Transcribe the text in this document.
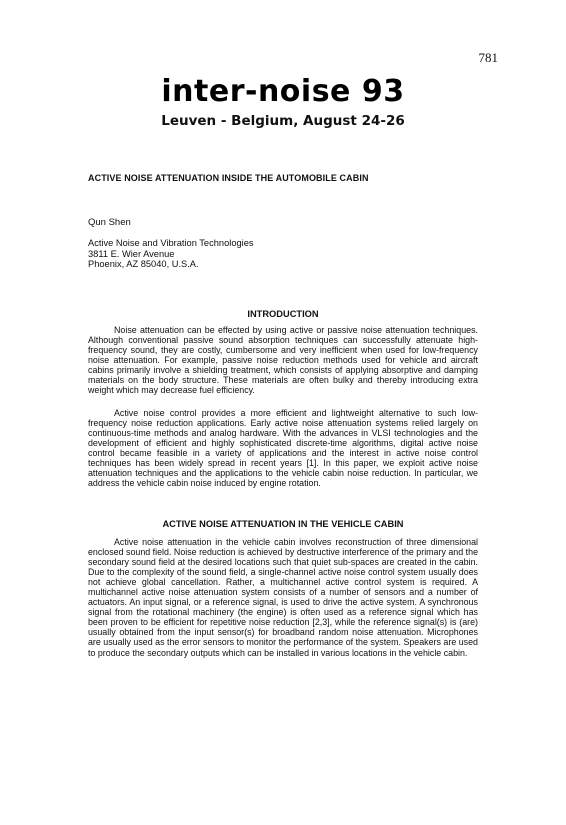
781
inter-noise 93
Leuven - Belgium, August 24-26
ACTIVE NOISE ATTENUATION INSIDE THE AUTOMOBILE CABIN
Qun Shen
Active Noise and Vibration Technologies
3811 E. Wier Avenue
Phoenix, AZ 85040, U.S.A.
INTRODUCTION

Noise attenuation can be effected by using active or passive noise attenuation techniques. Although conventional passive sound absorption techniques can successfully attenuate high-frequency sound, they are costly, cumbersome and very inefficient when used for low-frequency noise attenuation. For example, passive noise reduction methods used for vehicle and aircraft cabins primarily involve a shielding treatment, which consists of applying absorptive and damping materials on the body structure. These materials are often bulky and thereby introducing extra weight which may decrease fuel efficiency.

Active noise control provides a more efficient and lightweight alternative to such low-frequency noise reduction applications. Early active noise attenuation systems relied largely on continuous-time methods and analog hardware. With the advances in VLSI technologies and the development of efficient and highly sophisticated discrete-time algorithms, digital active noise control became feasible in a variety of applications and the interest in active noise control techniques has been widely spread in recent years [1]. In this paper, we exploit active noise attenuation techniques and the applications to the vehicle cabin noise reduction. In particular, we address the vehicle cabin noise induced by engine rotation.

ACTIVE NOISE ATTENUATION IN THE VEHICLE CABIN

Active noise attenuation in the vehicle cabin involves reconstruction of three dimensional enclosed sound field. Noise reduction is achieved by destructive interference of the primary and the secondary sound field at the desired locations such that quiet sub-spaces are created in the cabin. Due to the complexity of the sound field, a single-channel active noise control system usually does not achieve global cancellation. Rather, a multichannel active control system is required. A multichannel active noise attenuation system consists of a number of sensors and a number of actuators. An input signal, or a reference signal, is used to drive the active system. A synchronous signal from the rotational machinery (the engine) is often used as a reference signal which has been proven to be efficient for repetitive noise reduction [2,3], while the reference signal(s) is (are) usually obtained from the input sensor(s) for broadband random noise attenuation. Microphones are usually used as the error sensors to monitor the performance of the system. Speakers are used to produce the secondary outputs which can be installed in various locations in the vehicle cabin.
